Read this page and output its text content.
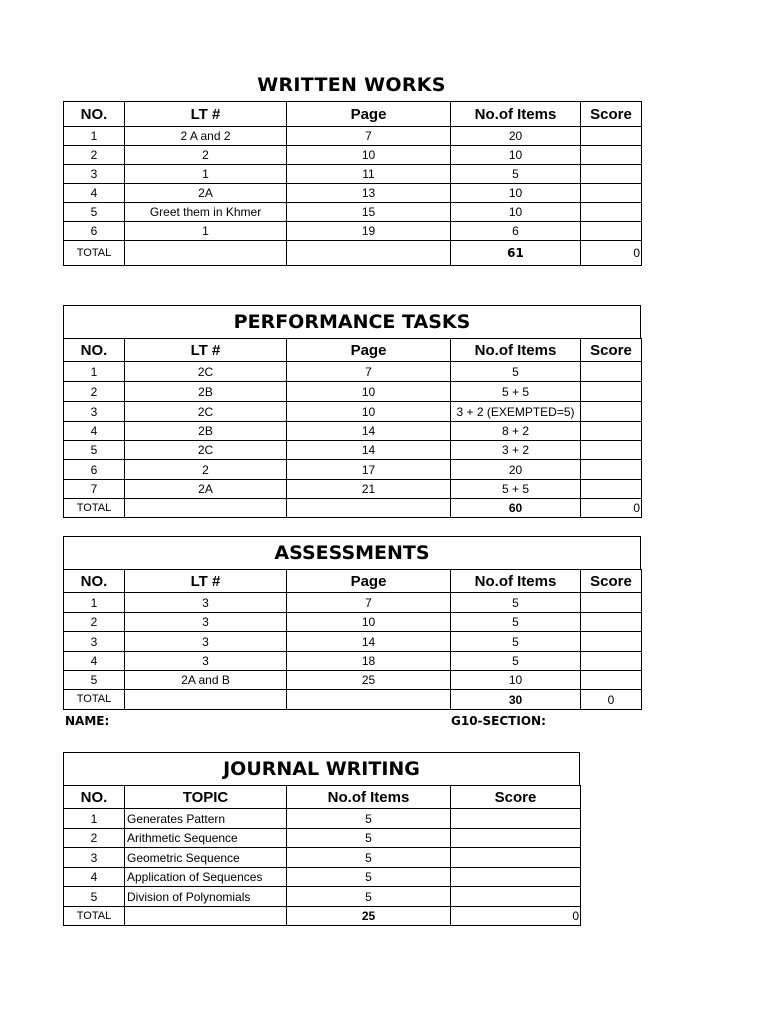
WRITTEN WORKS
NO.	LT #	Page	No.of Items	Score
1	2 A and 2	7	20	
2	2	10	10	
3	1	11	5	
4	2A	13	10	
5	Greet them in Khmer	15	10	
6	1	19	6	
TOTAL			61	0
PERFORMANCE TASKS
NO.	LT #	Page	No.of Items	Score
1	2C	7	5	
2	2B	10	5 + 5	
3	2C	10	3 + 2 (EXEMPTED=5)	
4	2B	14	8 + 2	
5	2C	14	3 + 2	
6	2	17	20	
7	2A	21	5 + 5	
TOTAL			60	0
ASSESSMENTS
NO.	LT #	Page	No.of Items	Score
1	3	7	5	
2	3	10	5	
3	3	14	5	
4	3	18	5	
5	2A and B	25	10	
TOTAL			30	0
NAME:	G10-SECTION:
JOURNAL WRITING
NO.	TOPIC	No.of Items	Score
1	Generates Pattern	5	
2	Arithmetic Sequence	5	
3	Geometric Sequence	5	
4	Application of Sequences	5	
5	Division of Polynomials	5	
TOTAL		25	0
